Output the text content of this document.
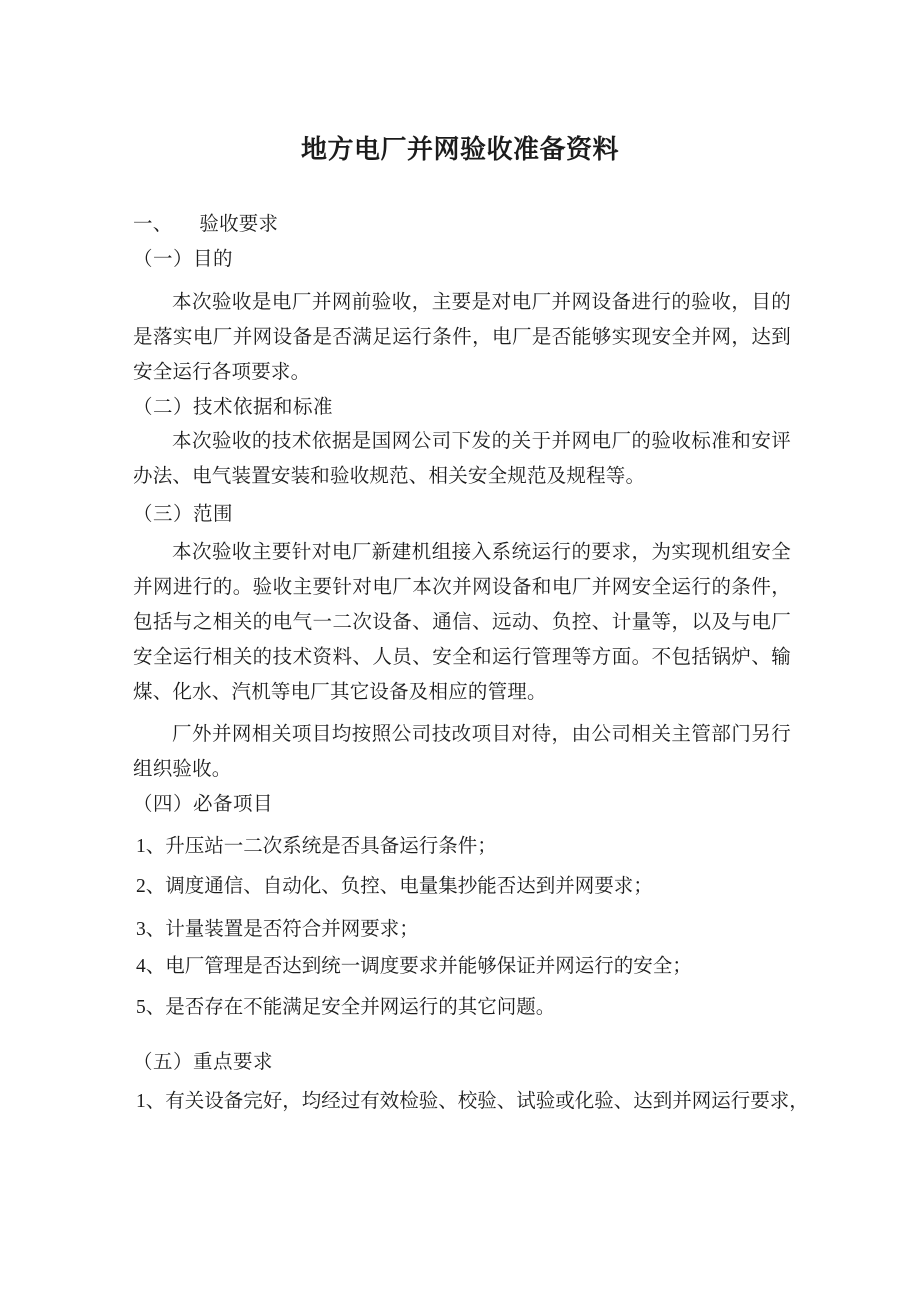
地方电厂并网验收准备资料
一、 验收要求
（一）目的
本次验收是电厂并网前验收，主要是对电厂并网设备进行的验收，目的是落实电厂并网设备是否满足运行条件，电厂是否能够实现安全并网，达到安全运行各项要求。
（二）技术依据和标准
本次验收的技术依据是国网公司下发的关于并网电厂的验收标准和安评办法、电气装置安装和验收规范、相关安全规范及规程等。
（三）范围
本次验收主要针对电厂新建机组接入系统运行的要求，为实现机组安全并网进行的。验收主要针对电厂本次并网设备和电厂并网安全运行的条件，包括与之相关的电气一二次设备、通信、远动、负控、计量等，以及与电厂安全运行相关的技术资料、人员、安全和运行管理等方面。不包括锅炉、输煤、化水、汽机等电厂其它设备及相应的管理。
厂外并网相关项目均按照公司技改项目对待，由公司相关主管部门另行组织验收。
（四）必备项目
1、升压站一二次系统是否具备运行条件；
2、调度通信、自动化、负控、电量集抄能否达到并网要求；
3、计量装置是否符合并网要求；
4、电厂管理是否达到统一调度要求并能够保证并网运行的安全；
5、是否存在不能满足安全并网运行的其它问题。
（五）重点要求
1、有关设备完好，均经过有效检验、校验、试验或化验、达到并网运行要求，
